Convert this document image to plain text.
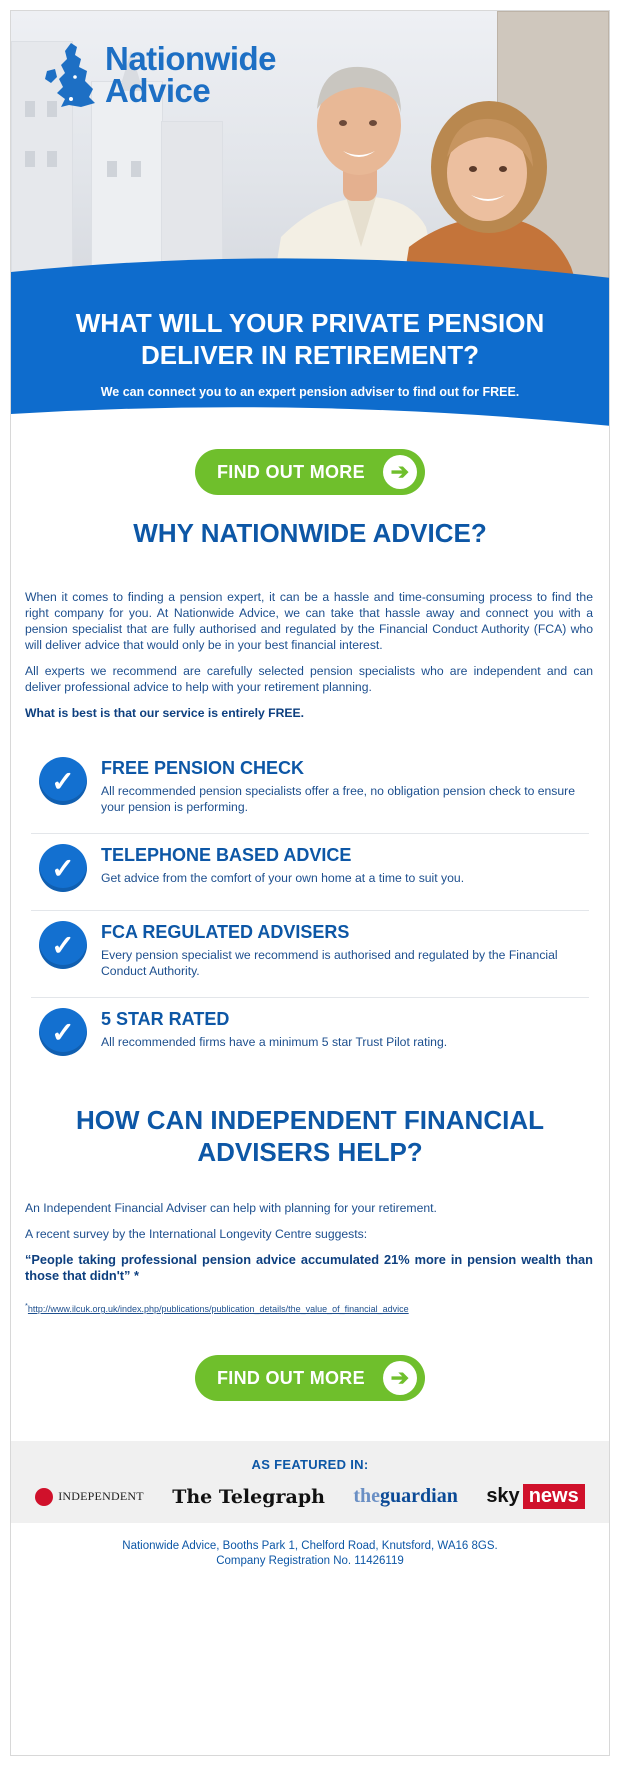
Nationwide
Advice
WHAT WILL YOUR PRIVATE PENSION DELIVER IN RETIREMENT?

We can connect you to an expert pension adviser to find out for FREE.

FIND OUT MORE	➔
WHY NATIONWIDE ADVICE?

When it comes to finding a pension expert, it can be a hassle and time-consuming process to find the right company for you. At Nationwide Advice, we can take that hassle away and connect you with a pension specialist that are fully authorised and regulated by the Financial Conduct Authority (FCA) who will deliver advice that would only be in your best financial interest.

All experts we recommend are carefully selected pension specialists who are independent and can deliver professional advice to help with your retirement planning.

What is best is that our service is entirely FREE.

✓	FREE PENSION CHECK
All recommended pension specialists offer a free, no obligation pension check to ensure your pension is performing.
✓	TELEPHONE BASED ADVICE
Get advice from the comfort of your own home at a time to suit you.
✓	FCA REGULATED ADVISERS
Every pension specialist we recommend is authorised and regulated by the Financial Conduct Authority.
✓	5 STAR RATED
All recommended firms have a minimum 5 star Trust Pilot rating.
HOW CAN INDEPENDENT FINANCIAL
ADVISERS HELP?

An Independent Financial Adviser can help with planning for your retirement.

A recent survey by the International Longevity Centre suggests:

“People taking professional pension advice accumulated 21% more in pension wealth than those that didn't” *

*http://www.ilcuk.org.uk/index.php/publications/publication_details/the_value_of_financial_advice
FIND OUT MORE	➔
AS FEATURED IN:
INDEPENDENT The Telegraph theguardian sky news
Nationwide Advice, Booths Park 1, Chelford Road, Knutsford, WA16 8GS.
Company Registration No. 11426119
